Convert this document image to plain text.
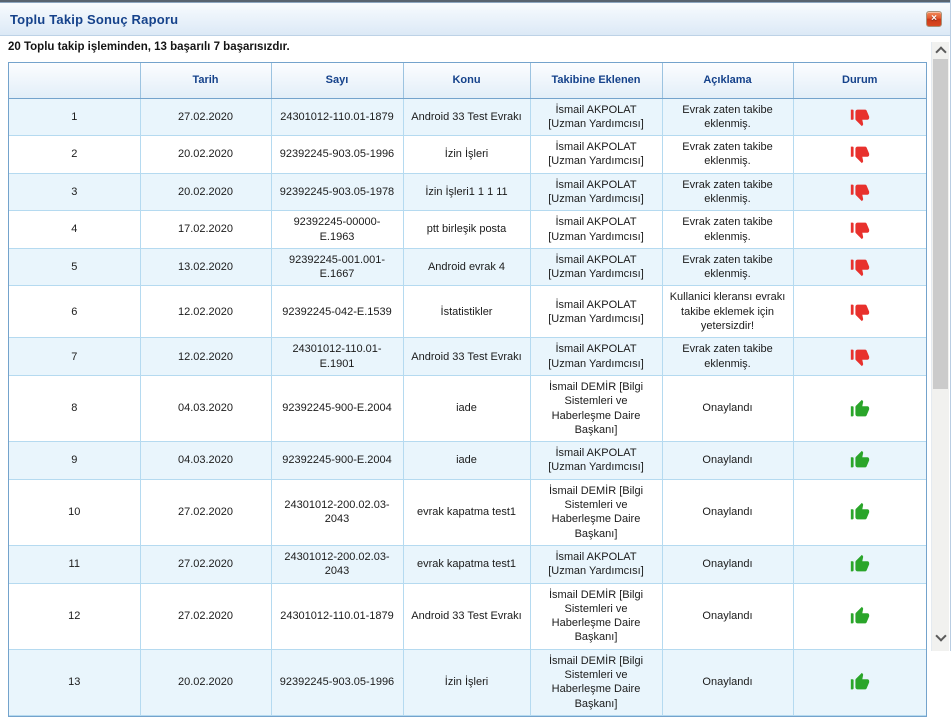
Toplu Takip Sonuç Raporu	×
20 Toplu takip işleminden, 13 başarılı 7 başarısızdır.
	Tarih	Sayı	Konu	Takibine Eklenen	Açıklama	Durum
1	27.02.2020	24301012-110.01-1879	Android 33 Test Evrakı	İsmail AKPOLAT [Uzman Yardımcısı]	Evrak zaten takibe eklenmiş.	
2	20.02.2020	92392245-903.05-1996	İzin İşleri	İsmail AKPOLAT [Uzman Yardımcısı]	Evrak zaten takibe eklenmiş.	
3	20.02.2020	92392245-903.05-1978	İzin İşleri1 1 1 11	İsmail AKPOLAT [Uzman Yardımcısı]	Evrak zaten takibe eklenmiş.	
4	17.02.2020	92392245-00000-E.1963	ptt birleşik posta	İsmail AKPOLAT [Uzman Yardımcısı]	Evrak zaten takibe eklenmiş.	
5	13.02.2020	92392245-001.001-E.1667	Android evrak 4	İsmail AKPOLAT [Uzman Yardımcısı]	Evrak zaten takibe eklenmiş.	
6	12.02.2020	92392245-042-E.1539	İstatistikler	İsmail AKPOLAT [Uzman Yardımcısı]	Kullanici kleransı evrakı takibe eklemek için yetersizdir!	
7	12.02.2020	24301012-110.01-E.1901	Android 33 Test Evrakı	İsmail AKPOLAT [Uzman Yardımcısı]	Evrak zaten takibe eklenmiş.	
8	04.03.2020	92392245-900-E.2004	iade	İsmail DEMİR [Bilgi Sistemleri ve Haberleşme Daire Başkanı]	Onaylandı	
9	04.03.2020	92392245-900-E.2004	iade	İsmail AKPOLAT [Uzman Yardımcısı]	Onaylandı	
10	27.02.2020	24301012-200.02.03-2043	evrak kapatma test1	İsmail DEMİR [Bilgi Sistemleri ve Haberleşme Daire Başkanı]	Onaylandı	
11	27.02.2020	24301012-200.02.03-2043	evrak kapatma test1	İsmail AKPOLAT [Uzman Yardımcısı]	Onaylandı	
12	27.02.2020	24301012-110.01-1879	Android 33 Test Evrakı	İsmail DEMİR [Bilgi Sistemleri ve Haberleşme Daire Başkanı]	Onaylandı	
13	20.02.2020	92392245-903.05-1996	İzin İşleri	İsmail DEMİR [Bilgi Sistemleri ve Haberleşme Daire Başkanı]	Onaylandı	
